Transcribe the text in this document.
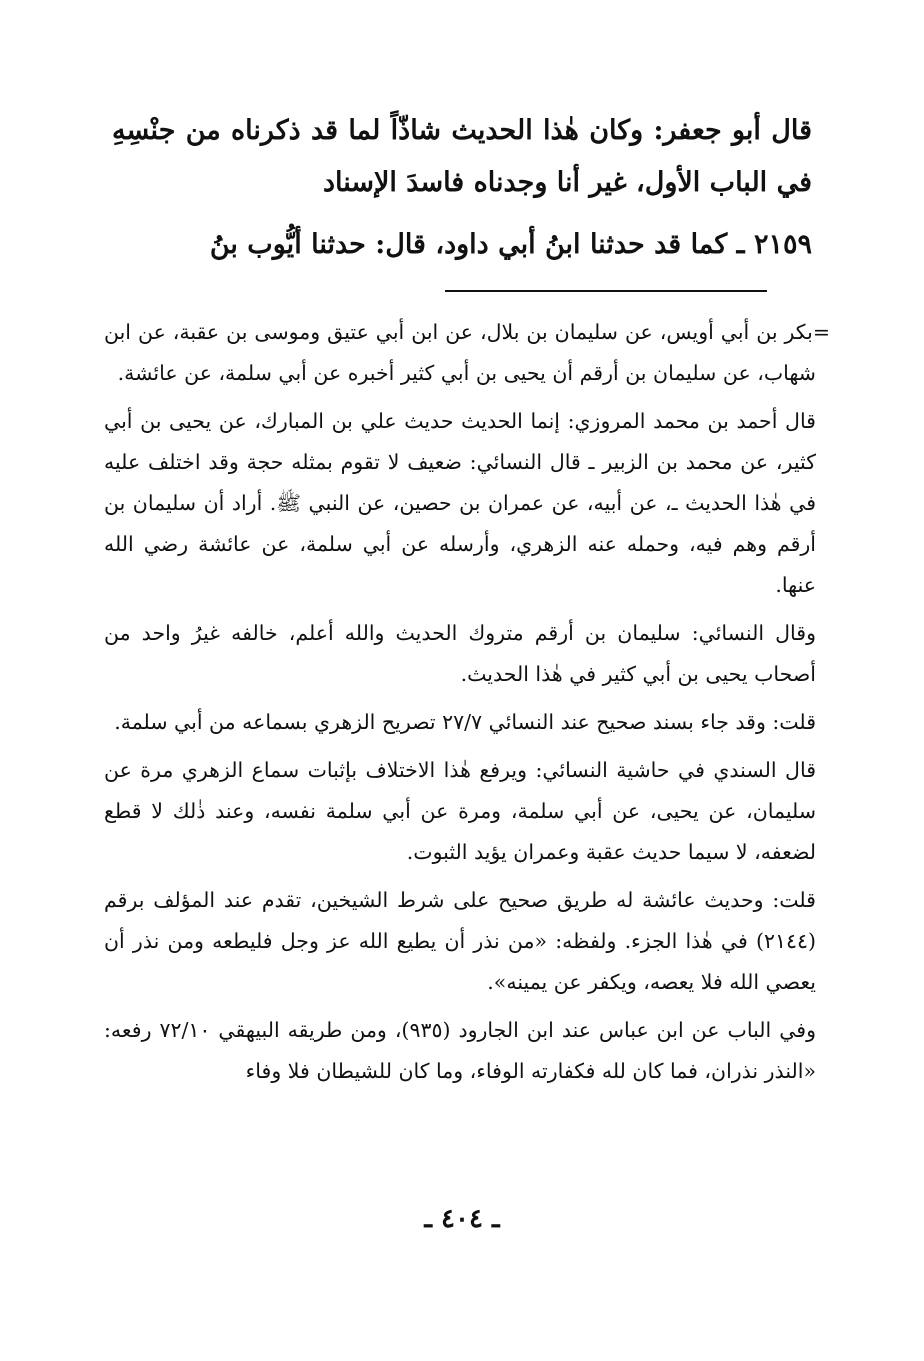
قال أبو جعفر: وكان هٰذا الحديث شاذّاً لما قد ذكرناه من جنْسِهِ في الباب الأول، غير أنا وجدناه فاسدَ الإسناد

٢١٥٩ ـ كما قد حدثنا ابنُ أبي داود، قال: حدثنا أيُّوب بنُ

=بكر بن أبي أويس، عن سليمان بن بلال، عن ابن أبي عتيق وموسى بن عقبة، عن ابن شهاب، عن سليمان بن أرقم أن يحيى بن أبي كثير أخبره عن أبي سلمة، عن عائشة.

قال أحمد بن محمد المروزي: إنما الحديث حديث علي بن المبارك، عن يحيى بن أبي كثير، عن محمد بن الزبير ـ قال النسائي: ضعيف لا تقوم بمثله حجة وقد اختلف عليه في هٰذا الحديث ـ، عن أبيه، عن عمران بن حصين، عن النبي ﷺ. أراد أن سليمان بن أرقم وهم فيه، وحمله عنه الزهري، وأرسله عن أبي سلمة، عن عائشة رضي الله عنها.

وقال النسائي: سليمان بن أرقم متروك الحديث والله أعلم، خالفه غيرُ واحد من أصحاب يحيى بن أبي كثير في هٰذا الحديث.

قلت: وقد جاء بسند صحيح عند النسائي ٢٧/٧ تصريح الزهري بسماعه من أبي سلمة.

قال السندي في حاشية النسائي: ويرفع هٰذا الاختلاف بإثبات سماع الزهري مرة عن سليمان، عن يحيى، عن أبي سلمة، ومرة عن أبي سلمة نفسه، وعند ذٰلك لا قطع لضعفه، لا سيما حديث عقبة وعمران يؤيد الثبوت.

قلت: وحديث عائشة له طريق صحيح على شرط الشيخين، تقدم عند المؤلف برقم (٢١٤٤) في هٰذا الجزء. ولفظه: «من نذر أن يطيع الله عز وجل فليطعه ومن نذر أن يعصي الله فلا يعصه، ويكفر عن يمينه».

وفي الباب عن ابن عباس عند ابن الجارود (٩٣٥)، ومن طريقه البيهقي ٧٢/١٠ رفعه: «النذر نذران، فما كان لله فكفارته الوفاء، وما كان للشيطان فلا وفاء

ـ ٤٠٤ ـ
